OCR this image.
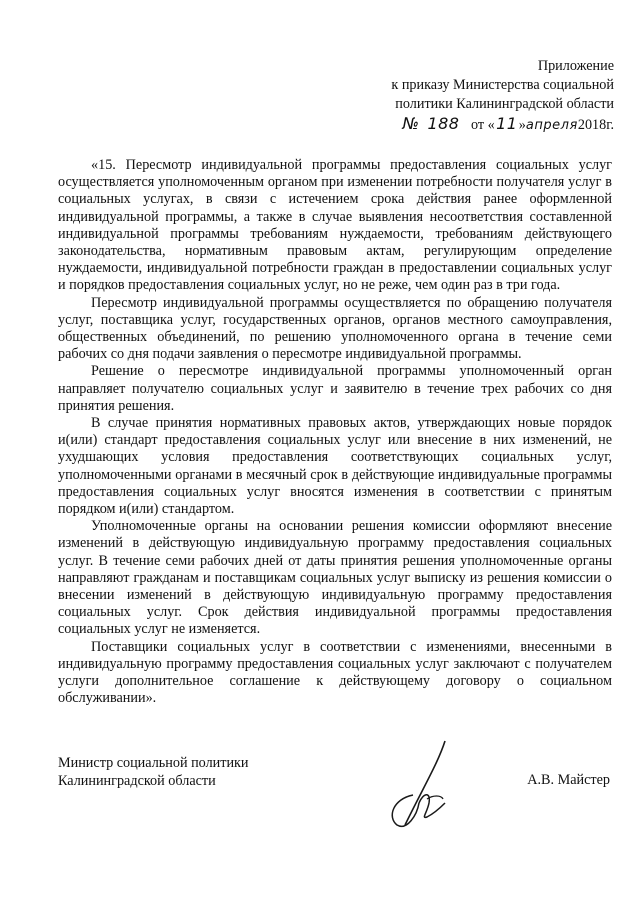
Приложение
к приказу Министерства социальной
политики Калининградской области
№ 188 от «11»апреля2018г.

«15. Пересмотр индивидуальной программы предоставления социальных услуг осуществляется уполномоченным органом при изменении потребности получателя услуг в социальных услугах, в связи с истечением срока действия ранее оформленной индивидуальной программы, а также в случае выявления несоответствия составленной индивидуальной программы требованиям нуждаемости, требованиям действующего законодательства, нормативным правовым актам, регулирующим определение нуждаемости, индивидуальной потребности граждан в предоставлении социальных услуг и порядков предоставления социальных услуг, но не реже, чем один раз в три года.

Пересмотр индивидуальной программы осуществляется по обращению получателя услуг, поставщика услуг, государственных органов, органов местного самоуправления, общественных объединений, по решению уполномоченного органа в течение семи рабочих со дня подачи заявления о пересмотре индивидуальной программы.

Решение о пересмотре индивидуальной программы уполномоченный орган направляет получателю социальных услуг и заявителю в течение трех рабочих со дня принятия решения.

В случае принятия нормативных правовых актов, утверждающих новые порядок и(или) стандарт предоставления социальных услуг или внесение в них изменений, не ухудшающих условия предоставления соответствующих социальных услуг, уполномоченными органами в месячный срок в действующие индивидуальные программы предоставления социальных услуг вносятся изменения в соответствии с принятым порядком и(или) стандартом.

Уполномоченные органы на основании решения комиссии оформляют внесение изменений в действующую индивидуальную программу предоставления социальных услуг. В течение семи рабочих дней от даты принятия решения уполномоченные органы направляют гражданам и поставщикам социальных услуг выписку из решения комиссии о внесении изменений в действующую индивидуальную программу предоставления социальных услуг. Срок действия индивидуальной программы предоставления социальных услуг не изменяется.

Поставщики социальных услуг в соответствии с изменениями, внесенными в индивидуальную программу предоставления социальных услуг заключают с получателем услуги дополнительное соглашение к действующему договору о социальном обслуживании».

Министр социальной политики
Калининградской области	А.В. Майстер
